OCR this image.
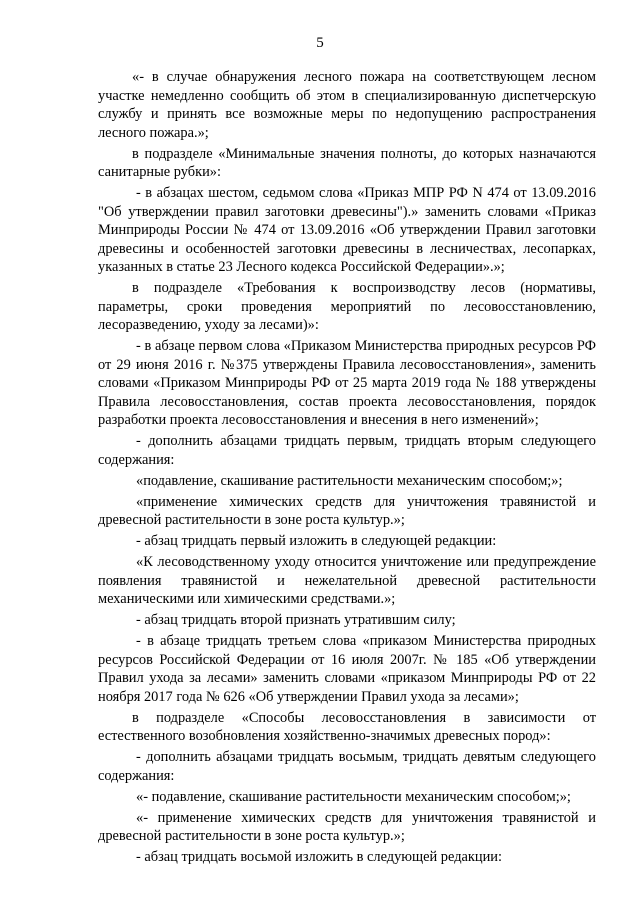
5

«- в случае обнаружения лесного пожара на соответствующем лесном участке немедленно сообщить об этом в специализированную диспетчерскую службу и принять все возможные меры по недопущению распространения лесного пожара.»;

в подразделе «Минимальные значения полноты, до которых назначаются санитарные рубки»:

- в абзацах шестом, седьмом слова «Приказ МПР РФ N 474 от 13.09.2016 "Об утверждении правил заготовки древесины").» заменить словами «Приказ Минприроды России № 474 от 13.09.2016 «Об утверждении Правил заготовки древесины и особенностей заготовки древесины в лесничествах, лесопарках, указанных в статье 23 Лесного кодекса Российской Федерации».»;

в подразделе «Требования к воспроизводству лесов (нормативы, параметры, сроки проведения мероприятий по лесовосстановлению, лесоразведению, уходу за лесами)»:

- в абзаце первом слова «Приказом Министерства природных ресурсов РФ от 29 июня 2016 г. №375 утверждены Правила лесовосстановления», заменить словами «Приказом Минприроды РФ от 25 марта 2019 года № 188 утверждены Правила лесовосстановления, состав проекта лесовосстановления, порядок разработки проекта лесовосстановления и внесения в него изменений»;

- дополнить абзацами тридцать первым, тридцать вторым следующего содержания:

«подавление, скашивание растительности механическим способом;»;

«применение химических средств для уничтожения травянистой и древесной растительности в зоне роста культур.»;

- абзац тридцать первый изложить в следующей редакции:

«К лесоводственному уходу относится уничтожение или предупреждение появления травянистой и нежелательной древесной растительности механическими или химическими средствами.»;

- абзац тридцать второй признать утратившим силу;

- в абзаце тридцать третьем слова «приказом Министерства природных ресурсов Российской Федерации от 16 июля 2007г. № 185 «Об утверждении Правил ухода за лесами» заменить словами «приказом Минприроды РФ от 22 ноября 2017 года № 626 «Об утверждении Правил ухода за лесами»;

в подразделе «Способы лесовосстановления в зависимости от естественного возобновления хозяйственно-значимых древесных пород»:

- дополнить абзацами тридцать восьмым, тридцать девятым следующего содержания:

«- подавление, скашивание растительности механическим способом;»;

«- применение химических средств для уничтожения травянистой и древесной растительности в зоне роста культур.»;

- абзац тридцать восьмой изложить в следующей редакции:
